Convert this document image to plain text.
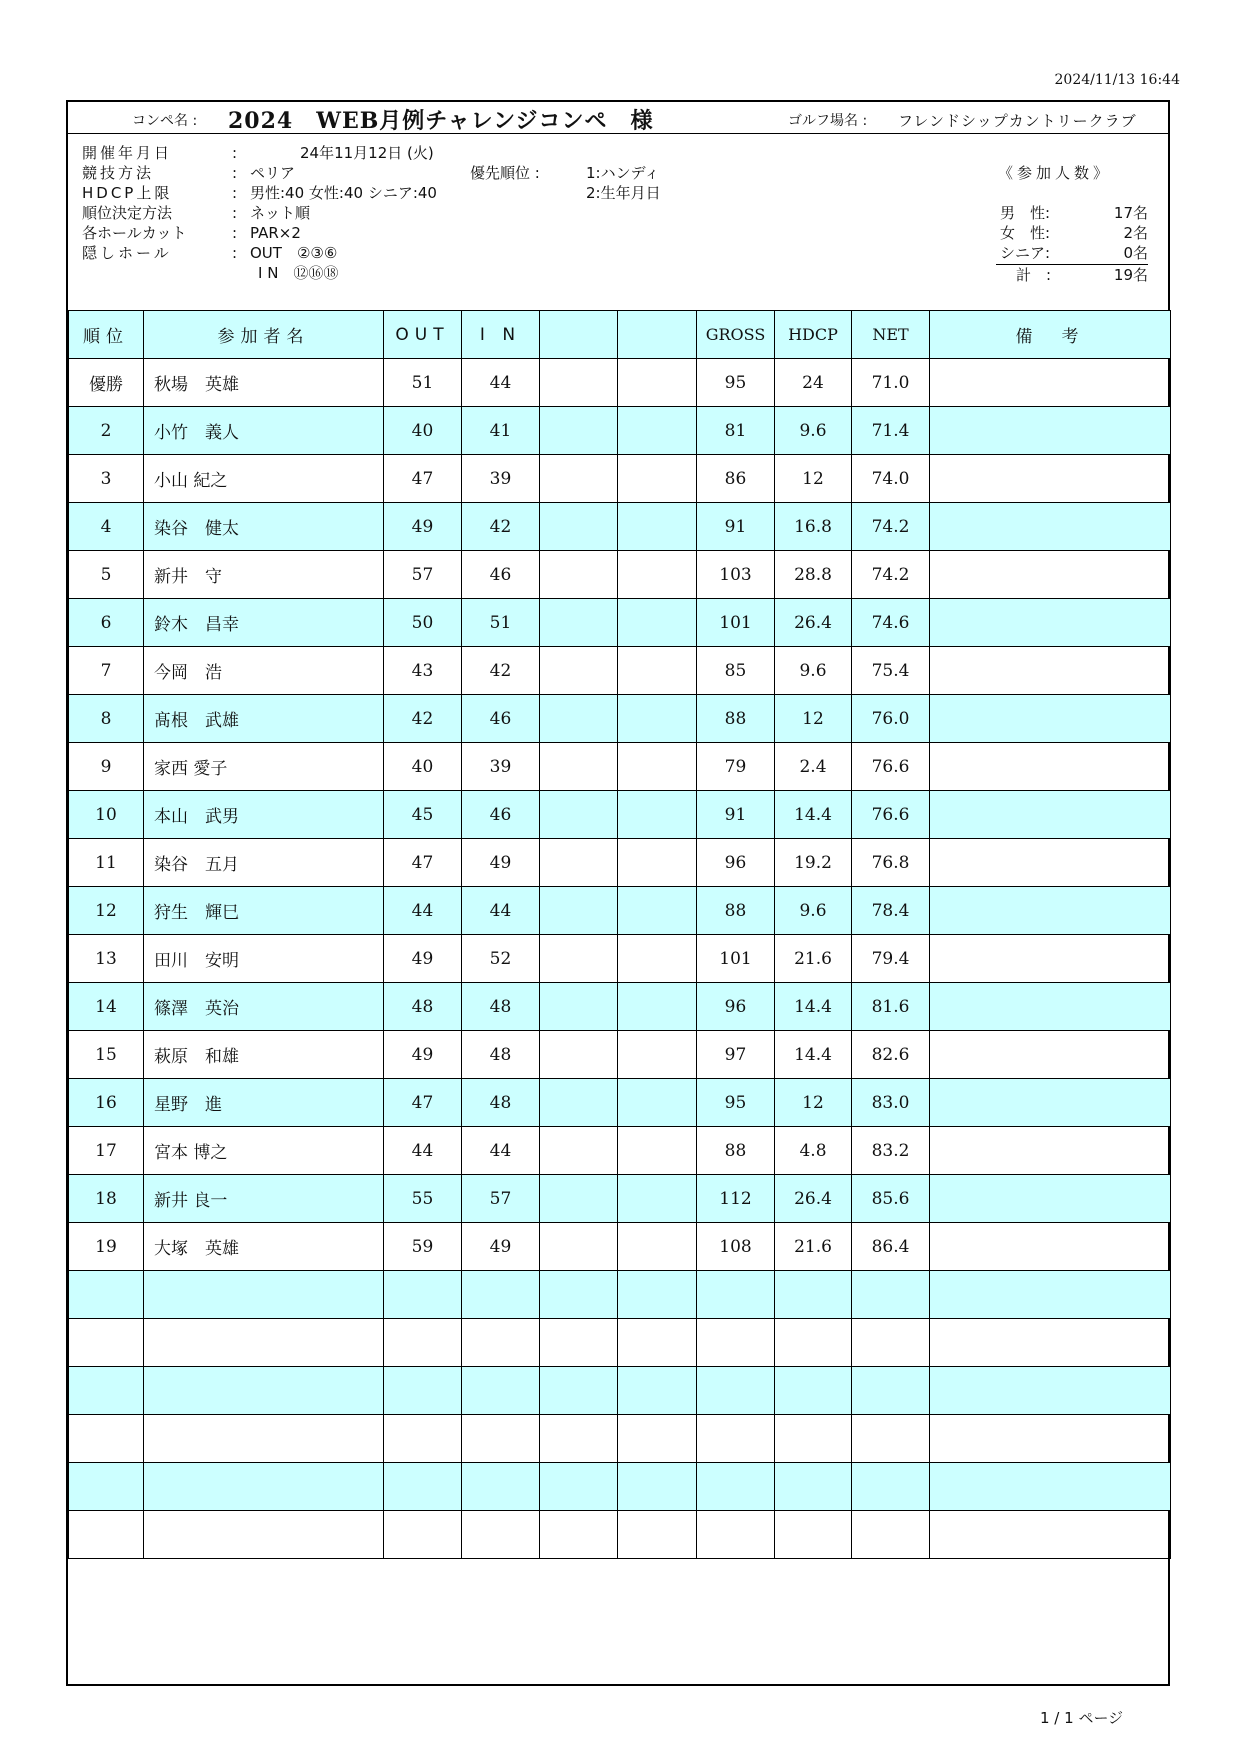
2024/11/13 16:44
コンペ名 : 2024　WEB月例チャレンジコンペ　様	ゴルフ場名 : フレンドシップカントリークラブ
開催年月日	:	24年11月12日 (火)
競技方法	: ペリア
HDCP上限	: 男性:40 女性:40 シニア:40
順位決定方法	: ネット順
各ホールカット	: PAR×2
隠しホール	: OUT　②③⑥
I N　⑫⑯⑱
優先順位 :	1:ハンディ
2:生年月日
《参加人数》
男　性:	17名
女　性:	2名
シニア:	0名
計　:	19名
順位	参加者名	OUT	I N			GROSS	HDCP	NET	備　考
優勝	秋場　英雄	51	44			95	24	71.0	
2	小竹　義人	40	41			81	9.6	71.4	
3	小山 紀之	47	39			86	12	74.0	
4	染谷　健太	49	42			91	16.8	74.2	
5	新井　守	57	46			103	28.8	74.2	
6	鈴木　昌幸	50	51			101	26.4	74.6	
7	今岡　浩	43	42			85	9.6	75.4	
8	髙根　武雄	42	46			88	12	76.0	
9	家西 愛子	40	39			79	2.4	76.6	
10	本山　武男	45	46			91	14.4	76.6	
11	染谷　五月	47	49			96	19.2	76.8	
12	狩生　輝巳	44	44			88	9.6	78.4	
13	田川　安明	49	52			101	21.6	79.4	
14	篠澤　英治	48	48			96	14.4	81.6	
15	萩原　和雄	49	48			97	14.4	82.6	
16	星野　進	47	48			95	12	83.0	
17	宮本 博之	44	44			88	4.8	83.2	
18	新井 良一	55	57			112	26.4	85.6	
19	大塚　英雄	59	49			108	21.6	86.4	

1 / 1 ページ
